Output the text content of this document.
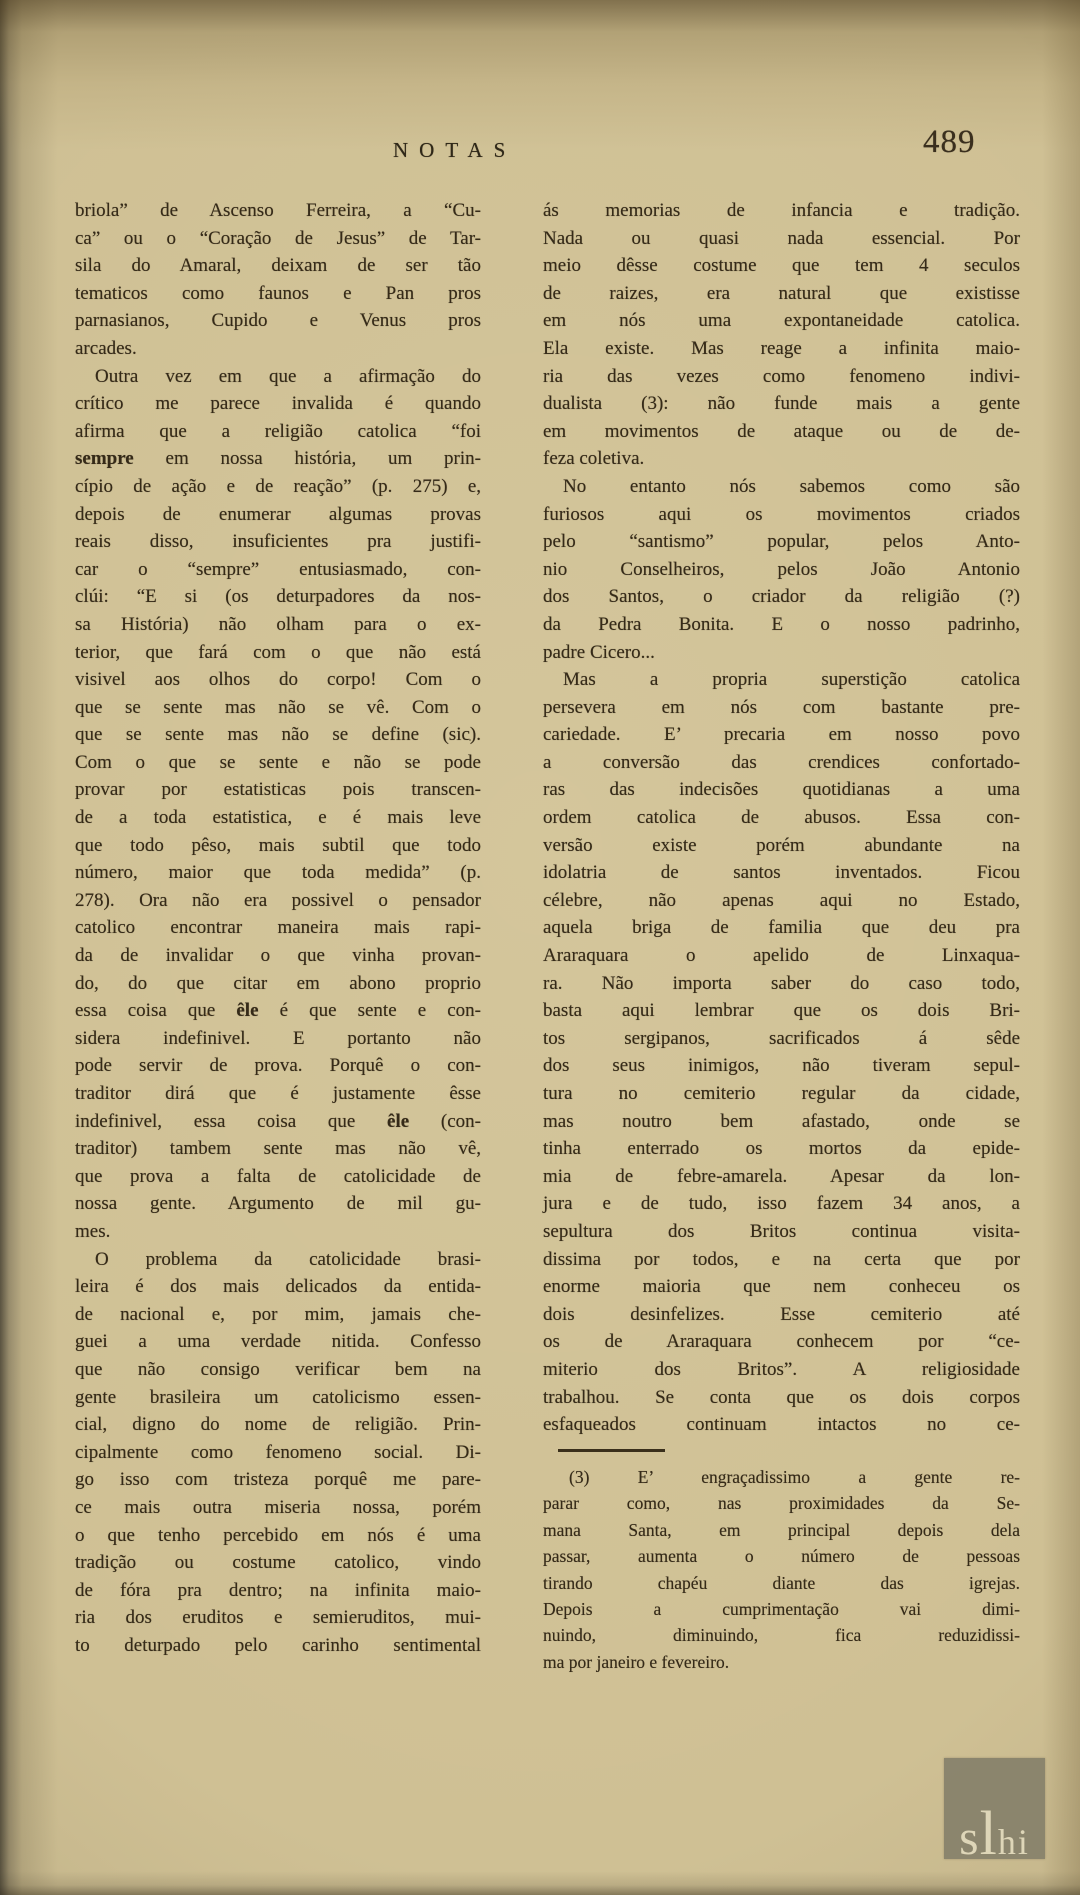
NOTAS	489
briola” de Ascenso Ferreira, a “Cu-
ca” ou o “Coração de Jesus” de Tar-
sila do Amaral, deixam de ser tão
tematicos como faunos e Pan pros
parnasianos, Cupido e Venus pros
arcades.
Outra vez em que a afirmação do
crítico me parece invalida é quando
afirma que a religião catolica “foi
sempre em nossa história, um prin-
cípio de ação e de reação” (p. 275) e,
depois de enumerar algumas provas
reais disso, insuficientes pra justifi-
car o “sempre” entusiasmado, con-
clúi: “E si (os deturpadores da nos-
sa História) não olham para o ex-
terior, que fará com o que não está
visivel aos olhos do corpo! Com o
que se sente mas não se vê. Com o
que se sente mas não se define (sic).
Com o que se sente e não se pode
provar por estatisticas pois transcen-
de a toda estatistica, e é mais leve
que todo pêso, mais subtil que todo
número, maior que toda medida” (p.
278). Ora não era possivel o pensador
catolico encontrar maneira mais rapi-
da de invalidar o que vinha provan-
do, do que citar em abono proprio
essa coisa que êle é que sente e con-
sidera indefinivel. E portanto não
pode servir de prova. Porquê o con-
traditor dirá que é justamente êsse
indefinivel, essa coisa que êle (con-
traditor) tambem sente mas não vê,
que prova a falta de catolicidade de
nossa gente. Argumento de mil gu-
mes.
O problema da catolicidade brasi-
leira é dos mais delicados da entida-
de nacional e, por mim, jamais che-
guei a uma verdade nitida. Confesso
que não consigo verificar bem na
gente brasileira um catolicismo essen-
cial, digno do nome de religião. Prin-
cipalmente como fenomeno social. Di-
go isso com tristeza porquê me pare-
ce mais outra miseria nossa, porém
o que tenho percebido em nós é uma
tradição ou costume catolico, vindo
de fóra pra dentro; na infinita maio-
ria dos eruditos e semieruditos, mui-
to deturpado pelo carinho sentimental
ás memorias de infancia e tradição.
Nada ou quasi nada essencial. Por
meio dêsse costume que tem 4 seculos
de raizes, era natural que existisse
em nós uma expontaneidade catolica.
Ela existe. Mas reage a infinita maio-
ria das vezes como fenomeno indivi-
dualista (3): não funde mais a gente
em movimentos de ataque ou de de-
feza coletiva.
No entanto nós sabemos como são
furiosos aqui os movimentos criados
pelo “santismo” popular, pelos Anto-
nio Conselheiros, pelos João Antonio
dos Santos, o criador da religião (?)
da Pedra Bonita. E o nosso padrinho,
padre Cicero...
Mas a propria superstição catolica
persevera em nós com bastante pre-
cariedade. E’ precaria em nosso povo
a conversão das crendices confortado-
ras das indecisões quotidianas a uma
ordem catolica de abusos. Essa con-
versão existe porém abundante na
idolatria de santos inventados. Ficou
célebre, não apenas aqui no Estado,
aquela briga de familia que deu pra
Araraquara o apelido de Linxaqua-
ra. Não importa saber do caso todo,
basta aqui lembrar que os dois Bri-
tos sergipanos, sacrificados á sêde
dos seus inimigos, não tiveram sepul-
tura no cemiterio regular da cidade,
mas noutro bem afastado, onde se
tinha enterrado os mortos da epide-
mia de febre-amarela. Apesar da lon-
jura e de tudo, isso fazem 34 anos, a
sepultura dos Britos continua visita-
dissima por todos, e na certa que por
enorme maioria que nem conheceu os
dois desinfelizes. Esse cemiterio até
os de Araraquara conhecem por “ce-
miterio dos Britos”. A religiosidade
trabalhou. Se conta que os dois corpos
esfaqueados continuam intactos no ce-
(3) E’ engraçadissimo a gente re-
parar como, nas proximidades da Se-
mana Santa, em principal depois dela
passar, aumenta o número de pessoas
tirando chapéu diante das igrejas.
Depois a cumprimentação vai dimi-
nuindo, diminuindo, fica reduzidissi-
ma por janeiro e fevereiro.
s l hi
